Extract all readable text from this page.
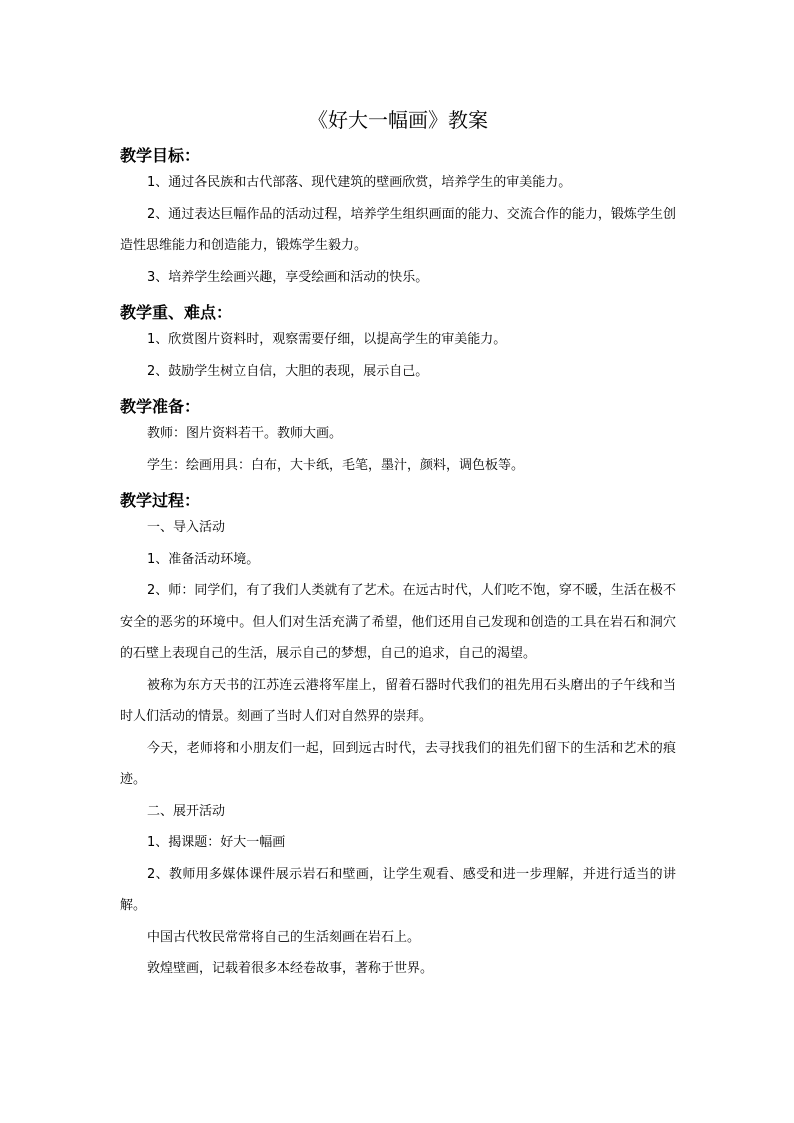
《好大一幅画》教案
教学目标：

1、通过各民族和古代部落、现代建筑的壁画欣赏，培养学生的审美能力。

2、通过表达巨幅作品的活动过程，培养学生组织画面的能力、交流合作的能力，锻炼学生创造性思维能力和创造能力，锻炼学生毅力。

3、培养学生绘画兴趣，享受绘画和活动的快乐。

教学重、难点：

1、欣赏图片资料时，观察需要仔细，以提高学生的审美能力。

2、鼓励学生树立自信，大胆的表现，展示自己。

教学准备：

教师：图片资料若干。教师大画。

学生：绘画用具：白布，大卡纸，毛笔，墨汁，颜料，调色板等。

教学过程：

一、导入活动

1、准备活动环境。

2、师：同学们，有了我们人类就有了艺术。在远古时代，人们吃不饱，穿不暖，生活在极不安全的恶劣的环境中。但人们对生活充满了希望，他们还用自己发现和创造的工具在岩石和洞穴的石壁上表现自己的生活，展示自己的梦想，自己的追求，自己的渴望。

被称为东方天书的江苏连云港将军崖上，留着石器时代我们的祖先用石头磨出的子午线和当时人们活动的情景。刻画了当时人们对自然界的崇拜。

今天，老师将和小朋友们一起，回到远古时代，去寻找我们的祖先们留下的生活和艺术的痕迹。

二、展开活动

1、揭课题：好大一幅画

2、教师用多媒体课件展示岩石和壁画，让学生观看、感受和进一步理解，并进行适当的讲解。

中国古代牧民常常将自己的生活刻画在岩石上。

敦煌壁画，记载着很多本经卷故事，著称于世界。
